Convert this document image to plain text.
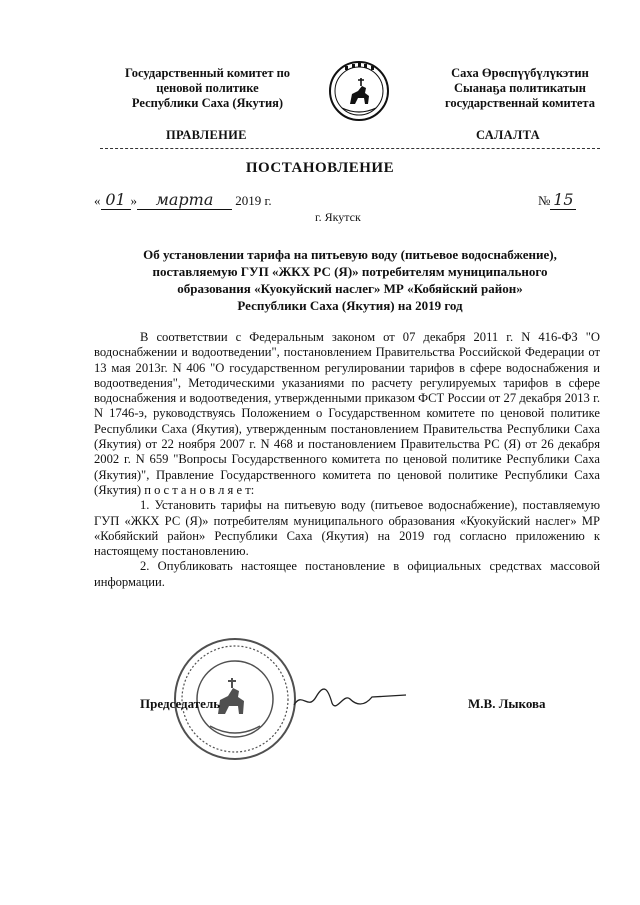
Государственный комитет по
ценовой политике
Республики Саха (Якутия)
Саха Өрөспүүбүлүкэтин
Сыанаҕа политикатын
государственнай комитета
ПРАВЛЕНИЕ	САЛАЛТА
ПОСТАНОВЛЕНИЕ
« 01 » марта 2019 г.	№ 15
г. Якутск
Об установлении тарифа на питьевую воду (питьевое водоснабжение),
поставляемую ГУП «ЖКХ РС (Я)» потребителям муниципального
образования «Куокуйский наслег» МР «Кобяйский район»
Республики Саха (Якутия) на 2019 год

В соответствии с Федеральным законом от 07 декабря 2011 г. N 416-ФЗ "О водоснабжении и водоотведении", постановлением Правительства Российской Федерации от 13 мая 2013г. N 406 "О государственном регулировании тарифов в сфере водоснабжения и водоотведения", Методическими указаниями по расчету регулируемых тарифов в сфере водоснабжения и водоотведения, утвержденными приказом ФСТ России от 27 декабря 2013 г. N 1746-э, руководствуясь Положением о Государственном комитете по ценовой политике Республики Саха (Якутия), утвержденным постановлением Правительства Республики Саха (Якутия) от 22 ноября 2007 г. N 468 и постановлением Правительства РС (Я) от 26 декабря 2002 г. N 659 "Вопросы Государственного комитета по ценовой политике Республики Саха (Якутия)", Правление Государственного комитета по ценовой политике Республики Саха (Якутия) п о с т а н о в л я е т:

1. Установить тарифы на питьевую воду (питьевое водоснабжение), поставляемую ГУП «ЖКХ РС (Я)» потребителям муниципального образования «Куокуйский наслег» МР «Кобяйский район» Республики Саха (Якутия) на 2019 год согласно приложению к настоящему постановлению.

2. Опубликовать настоящее постановление в официальных средствах массовой информации.

Председатель	М.В. Лыкова
